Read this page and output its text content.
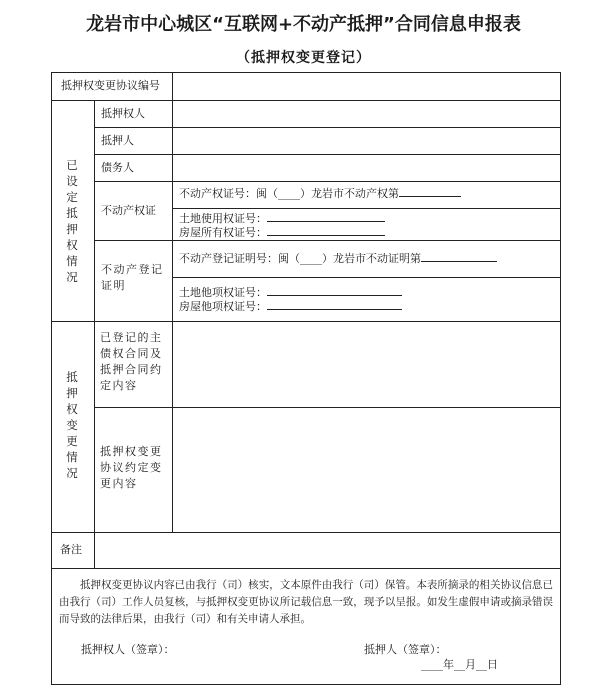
龙岩市中心城区“互联网+不动产抵押”合同信息申报表
（抵押权变更登记）
抵押权变更协议编号
已设定抵押权情况
抵押权人
抵押人
债务人
不动产权证
不动产权证号：闽（____）龙岩市不动产权第
土地使用权证号：
房屋所有权证号：
不动产登记证明
不动产登记证明号：闽（____）龙岩市不动证明第
土地他项权证号：
房屋他项权证号：
抵押权变更情况
已登记的主债权合同及抵押合同约定内容
抵押权变更协议约定变更内容
备注
抵押权变更协议内容已由我行（司）核实，文本原件由我行（司）保管。本表所摘录的相关协议信息已由我行（司）工作人员复核，与抵押权变更协议所记载信息一致，现予以呈报。如发生虚假申请或摘录错误而导致的法律后果，由我行（司）和有关申请人承担。
抵押权人（签章）：	抵押人（签章）：
____年__月__日
